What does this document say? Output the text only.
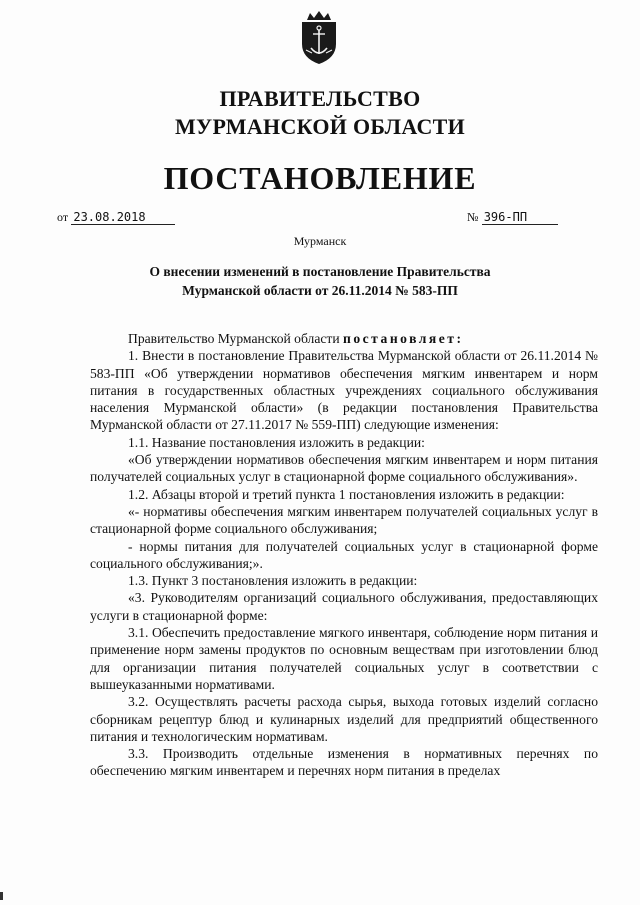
ПРАВИТЕЛЬСТВО
МУРМАНСКОЙ ОБЛАСТИ
ПОСТАНОВЛЕНИЕ
от 23.08.2018	№ 396-ПП
Мурманск
О внесении изменений в постановление Правительства Мурманской области от 26.11.2014 № 583-ПП

Правительство Мурманской области постановляет:

1. Внести в постановление Правительства Мурманской области от 26.11.2014 № 583-ПП «Об утверждении нормативов обеспечения мягким инвентарем и норм питания в государственных областных учреждениях социального обслуживания населения Мурманской области» (в редакции постановления Правительства Мурманской области от 27.11.2017 № 559-ПП) следующие изменения:

1.1. Название постановления изложить в редакции:

«Об утверждении нормативов обеспечения мягким инвентарем и норм питания получателей социальных услуг в стационарной форме социального обслуживания».

1.2. Абзацы второй и третий пункта 1 постановления изложить в редакции:

«- нормативы обеспечения мягким инвентарем получателей социальных услуг в стационарной форме социального обслуживания;

- нормы питания для получателей социальных услуг в стационарной форме социального обслуживания;».

1.3. Пункт 3 постановления изложить в редакции:

«3. Руководителям организаций социального обслуживания, предоставляющих услуги в стационарной форме:

3.1. Обеспечить предоставление мягкого инвентаря, соблюдение норм питания и применение норм замены продуктов по основным веществам при изготовлении блюд для организации питания получателей социальных услуг в соответствии с вышеуказанными нормативами.

3.2. Осуществлять расчеты расхода сырья, выхода готовых изделий согласно сборникам рецептур блюд и кулинарных изделий для предприятий общественного питания и технологическим нормативам.

3.3. Производить отдельные изменения в нормативных перечнях по обеспечению мягким инвентарем и перечнях норм питания в пределах
